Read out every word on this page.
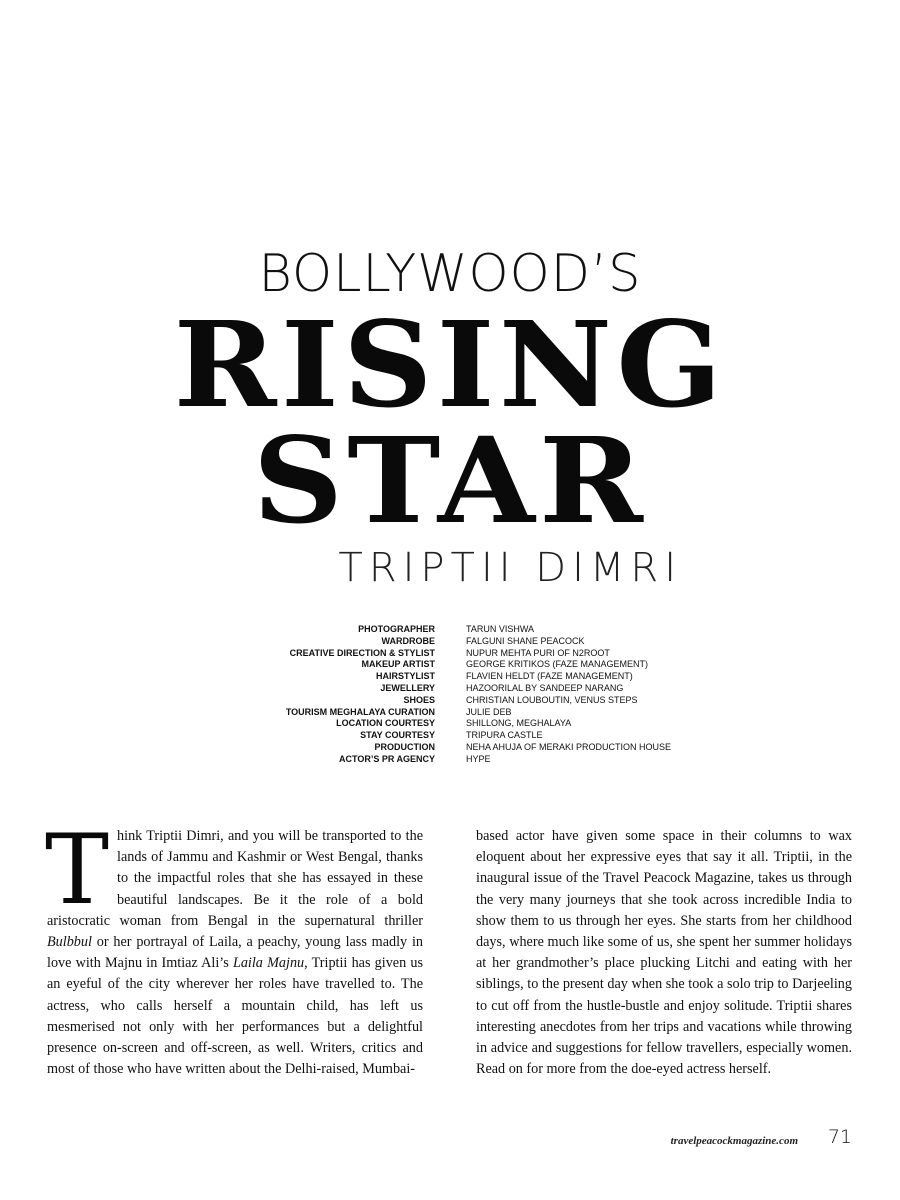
BOLLYWOOD’S
RISING
STAR
TRIPTII DIMRI
PHOTOGRAPHER	TARUN VISHWA
WARDROBE	FALGUNI SHANE PEACOCK
CREATIVE DIRECTION & STYLIST	NUPUR MEHTA PURI OF N2ROOT
MAKEUP ARTIST	GEORGE KRITIKOS (FAZE MANAGEMENT)
HAIRSTYLIST	FLAVIEN HELDT (FAZE MANAGEMENT)
JEWELLERY	HAZOORILAL BY SANDEEP NARANG
SHOES	CHRISTIAN LOUBOUTIN, VENUS STEPS
TOURISM MEGHALAYA CURATION	JULIE DEB
LOCATION COURTESY	SHILLONG, MEGHALAYA
STAY COURTESY	TRIPURA CASTLE
PRODUCTION	NEHA AHUJA OF MERAKI PRODUCTION HOUSE
ACTOR’S PR AGENCY	HYPE

Think Triptii Dimri, and you will be transported to the lands of Jammu and Kashmir or West Bengal, thanks to the impactful roles that she has essayed in these beautiful landscapes. Be it the role of a bold aristocratic woman from Bengal in the supernatural thriller Bulbbul or her portrayal of Laila, a peachy, young lass madly in love with Majnu in Imtiaz Ali’s Laila Majnu, Triptii has given us an eyeful of the city wherever her roles have travelled to. The actress, who calls herself a mountain child, has left us mesmerised not only with her performances but a delightful presence on-screen and off-screen, as well. Writers, critics and most of those who have written about the Delhi-raised, Mumbai-

based actor have given some space in their columns to wax eloquent about her expressive eyes that say it all. Triptii, in the inaugural issue of the Travel Peacock Magazine, takes us through the very many journeys that she took across incredible India to show them to us through her eyes. She starts from her childhood days, where much like some of us, she spent her summer holidays at her grandmother’s place plucking Litchi and eating with her siblings, to the present day when she took a solo trip to Darjeeling to cut off from the hustle-bustle and enjoy solitude. Triptii shares interesting anecdotes from her trips and vacations while throwing in advice and suggestions for fellow travellers, especially women. Read on for more from the doe-eyed actress herself.

travelpeacockmagazine.com 71
